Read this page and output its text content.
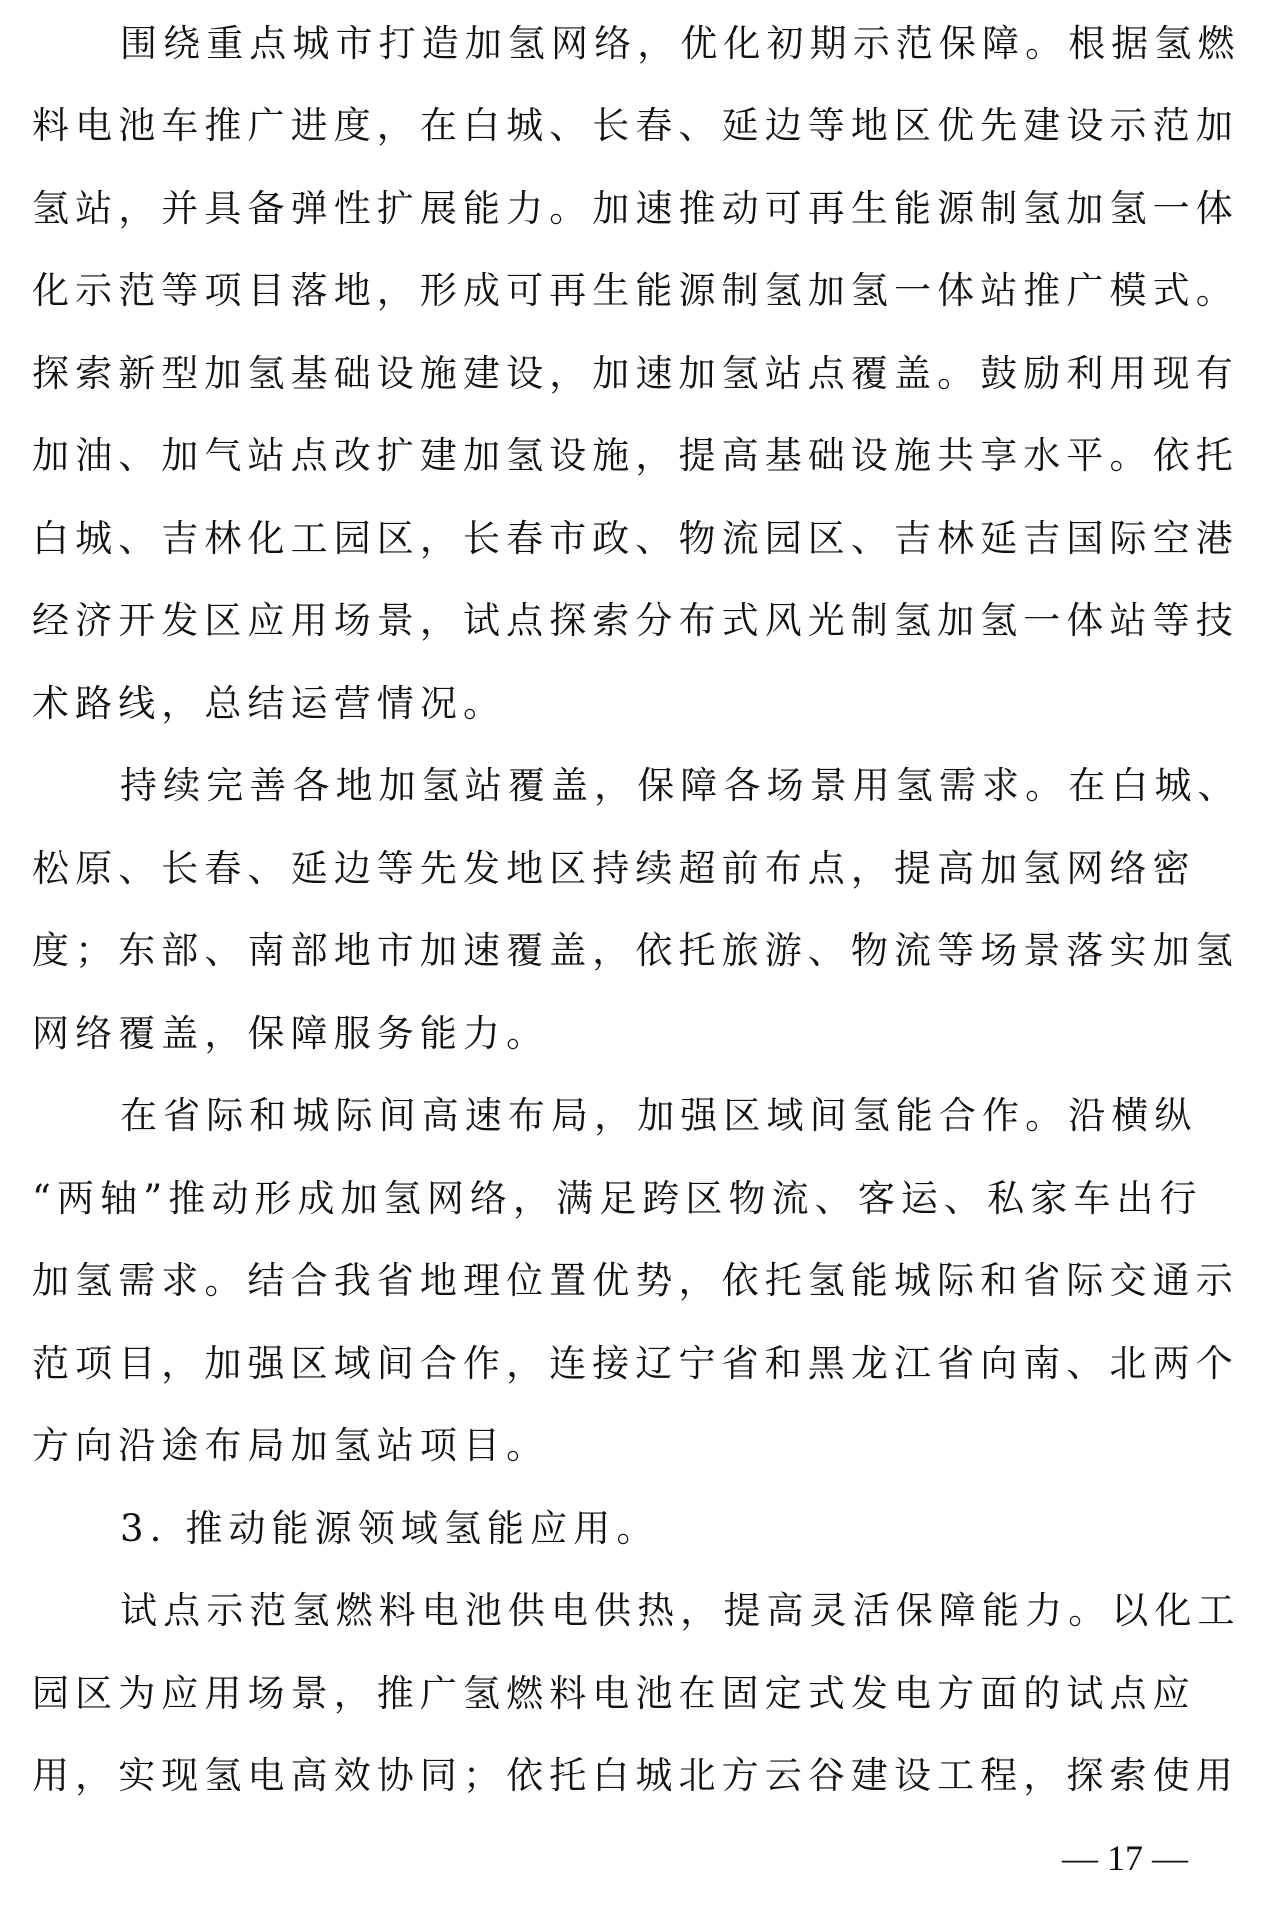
围绕重点城市打造加氢网络，优化初期示范保障。根据氢燃
料电池车推广进度，在白城、长春、延边等地区优先建设示范加
氢站，并具备弹性扩展能力。加速推动可再生能源制氢加氢一体
化示范等项目落地，形成可再生能源制氢加氢一体站推广模式。
探索新型加氢基础设施建设，加速加氢站点覆盖。鼓励利用现有
加油、加气站点改扩建加氢设施，提高基础设施共享水平。依托
白城、吉林化工园区，长春市政、物流园区、吉林延吉国际空港
经济开发区应用场景，试点探索分布式风光制氢加氢一体站等技
术路线，总结运营情况。
持续完善各地加氢站覆盖，保障各场景用氢需求。在白城、
松原、长春、延边等先发地区持续超前布点，提高加氢网络密
度；东部、南部地市加速覆盖，依托旅游、物流等场景落实加氢
网络覆盖，保障服务能力。
在省际和城际间高速布局，加强区域间氢能合作。沿横纵
“两轴”推动形成加氢网络，满足跨区物流、客运、私家车出行
加氢需求。结合我省地理位置优势，依托氢能城际和省际交通示
范项目，加强区域间合作，连接辽宁省和黑龙江省向南、北两个
方向沿途布局加氢站项目。
3. 推动能源领域氢能应用。
试点示范氢燃料电池供电供热，提高灵活保障能力。以化工
园区为应用场景，推广氢燃料电池在固定式发电方面的试点应
用，实现氢电高效协同；依托白城北方云谷建设工程，探索使用
— 17 —
